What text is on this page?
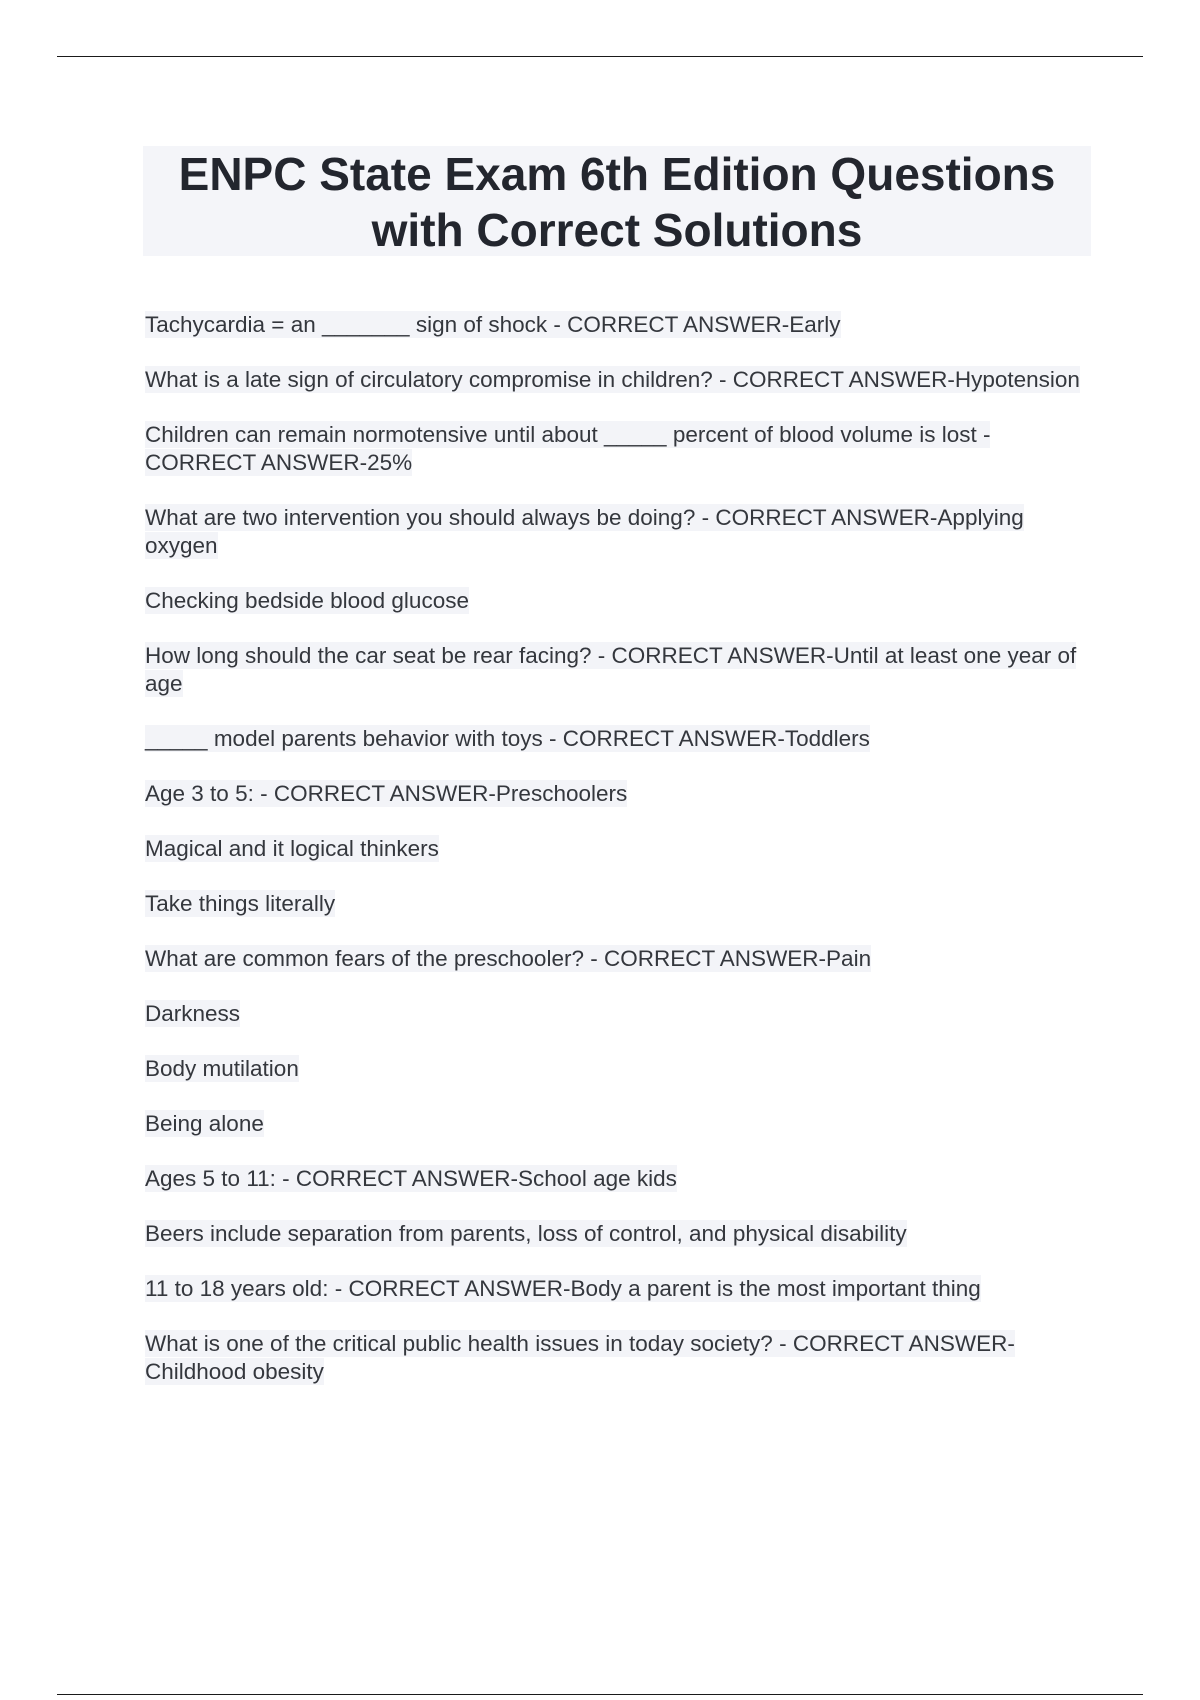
ENPC State Exam 6th Edition Questions
with Correct Solutions

Tachycardia = an _______ sign of shock - CORRECT ANSWER-Early

What is a late sign of circulatory compromise in children? - CORRECT ANSWER-Hypotension

Children can remain normotensive until about _____ percent of blood volume is lost - CORRECT ANSWER-25%

What are two intervention you should always be doing? - CORRECT ANSWER-Applying oxygen

Checking bedside blood glucose

How long should the car seat be rear facing? - CORRECT ANSWER-Until at least one year of age

_____ model parents behavior with toys - CORRECT ANSWER-Toddlers

Age 3 to 5: - CORRECT ANSWER-Preschoolers

Magical and it logical thinkers

Take things literally

What are common fears of the preschooler? - CORRECT ANSWER-Pain

Darkness

Body mutilation

Being alone

Ages 5 to 11: - CORRECT ANSWER-School age kids

Beers include separation from parents, loss of control, and physical disability

11 to 18 years old: - CORRECT ANSWER-Body a parent is the most important thing

What is one of the critical public health issues in today society? - CORRECT ANSWER-Childhood obesity
